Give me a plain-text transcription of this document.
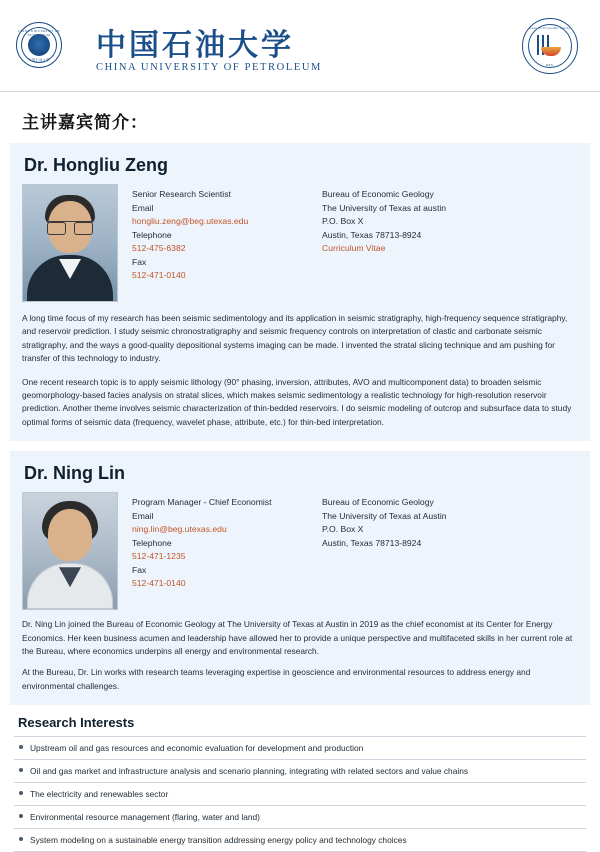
CHINA UNIVERSITY OF PETROLEUM
中国石油大学	中国石油大学
CHINA UNIVERSITY OF PETROLEUM
Bureau of Economic Geology
BEG
主讲嘉宾简介：
Dr. Hongliu Zeng
Senior Research Scientist
Email
hongliu.zeng@beg.utexas.edu
Telephone
512-475-6382
Fax
512-471-0140
Bureau of Economic Geology
The University of Texas at austin
P.O. Box X
Austin, Texas 78713-8924
Curriculum Vitae
A long time focus of my research has been seismic sedimentology and its application in seismic stratigraphy, high-frequency sequence stratigraphy, and reservoir prediction. I study seismic chronostratigraphy and seismic frequency controls on interpretation of clastic and carbonate seismic stratigraphy, and the ways a good-quality depositional systems imaging can be made. I invented the stratal slicing technique and am pushing for transfer of this technology to industry.
One recent research topic is to apply seismic lithology (90° phasing, inversion, attributes, AVO and multicomponent data) to broaden seismic geomorphology-based facies analysis on stratal slices, which makes seismic sedimentology a realistic technology for high-resolution reservoir prediction. Another theme involves seismic characterization of thin-bedded reservoirs. I do seismic modeling of outcrop and subsurface data to study optimal forms of seismic data (frequency, wavelet phase, attribute, etc.) for thin-bed interpretation.
Dr. Ning Lin
Program Manager - Chief Economist
Email
ning.lin@beg.utexas.edu
Telephone
512-471-1235
Fax
512-471-0140
Bureau of Economic Geology
The University of Texas at Austin
P.O. Box X
Austin, Texas 78713-8924
Dr. Ning Lin joined the Bureau of Economic Geology at The University of Texas at Austin in 2019 as the chief economist at its Center for Energy Economics. Her keen business acumen and leadership have allowed her to provide a unique perspective and multifaceted skills in her current role at the Bureau, where economics underpins all energy and environmental research.
At the Bureau, Dr. Lin works with research teams leveraging expertise in geoscience and environmental resources to address energy and environmental challenges.
Research Interests
Upstream oil and gas resources and economic evaluation for development and production
Oil and gas market and infrastructure analysis and scenario planning, integrating with related sectors and value chains
The electricity and renewables sector
Environmental resource management (flaring, water and land)
System modeling on a sustainable energy transition addressing energy policy and technology choices
